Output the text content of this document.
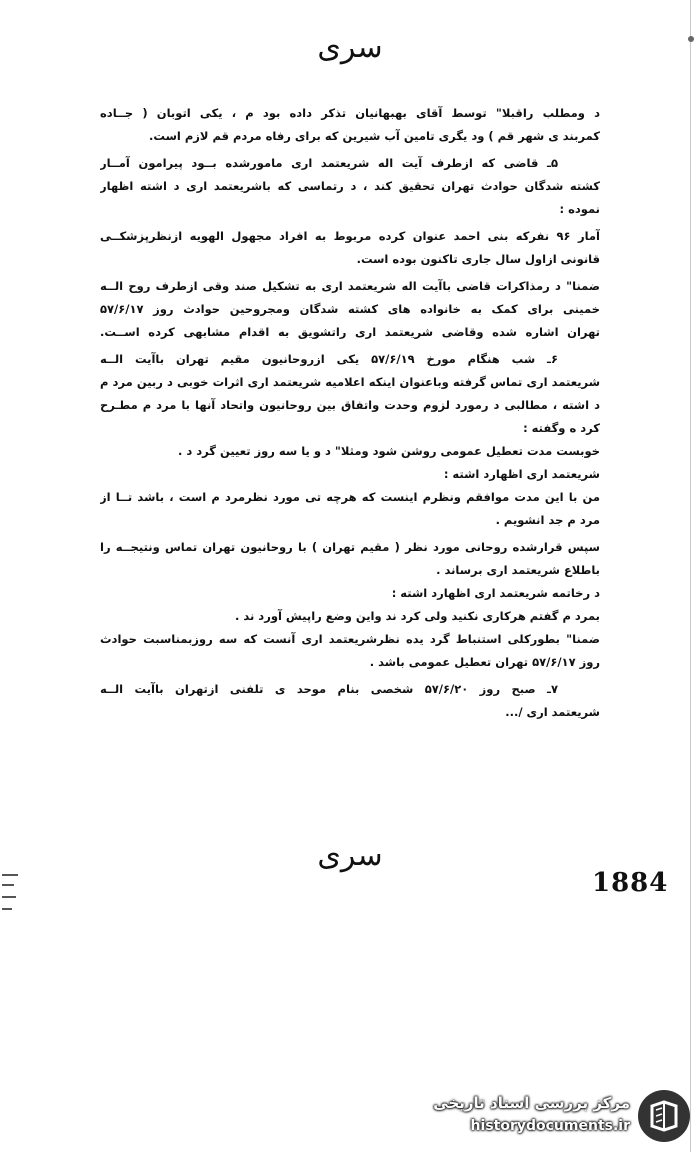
سری
د ومطلب راقبلا" توسط آقای بهبهانیان تذکر داده بود م ، یکی اتوبان ( جــاده
کمربند ی شهر قم ) ود یگری تامین آب شیرین که برای رفاه مردم قم لازم است.
۵ـ قاضی که ازطرف آیت اله شریعتمد اری مامورشده بــود پیرامون آمــار
کشته شدگان حوادث تهران تحقیق کند ، د رتماسی که باشریعتمد اری د اشته اظهار
نموده :
آمار ۹۶ نفرکه بنی احمد عنوان کرده مربوط به افراد مجهول الهویه ازنظرپزشکــی
قانونی ازاول سال جاری تاکنون بوده است.
ضمنا" د رمذاکرات قاضی باآیت اله شریعتمد اری به تشکیل صند وقی ازطرف روح الــه
خمینی برای کمک به خانواده های کشته شدگان ومجروحین حوادث روز ۵۷/۶/۱۷
تهران اشاره شده وقاضی شریعتمد اری راتشویق به اقدام مشابهی کرده اســت.
۶ـ شب هنگام مورخ ۵۷/۶/۱۹ یکی ازروحانیون مقیم تهران باآیت الــه
شریعتمد اری تماس گرفته وباعنوان اینکه اعلامیه شریعتمد اری اثرات خوبی د ربین مرد م
د اشته ، مطالبی د رمورد لزوم وحدت واتفاق بین روحانیون واتحاد آنها با مرد م مطـرح
کرد ه وگفته :
خوبست مدت تعطیل عمومی روشن شود ومثلا" د و یا سه روز تعیین گرد د .
شریعتمد اری اظهارد اشته :
من با این مدت موافقم ونظرم اینست که هرچه تی مورد نظرمرد م است ، باشد تــا از
مرد م جد انشویم .
سپس قرارشده روحانی مورد نظر ( مقیم تهران ) با روحانیون تهران تماس ونتیجــه را
باطلاع شریعتمد اری برساند .
د رخاتمه شریعتمد اری اظهارد اشته :
بمرد م گفتم هرکاری نکنید ولی کرد ند واین وضع راپیش آورد ند .
ضمنا" بطورکلی استنباط گرد یده نظرشریعتمد اری آنست که سه روزبمناسبت حوادث
روز ۵۷/۶/۱۷ تهران تعطیل عمومی باشد .
۷ـ صبح روز ۵۷/۶/۲۰ شخصی بنام موحد ی تلفنی ازتهران باآیت الــه
شریعتمد اری /...
سری
1884
مرکز بررسی اسناد تاریخی
historydocuments.ir
